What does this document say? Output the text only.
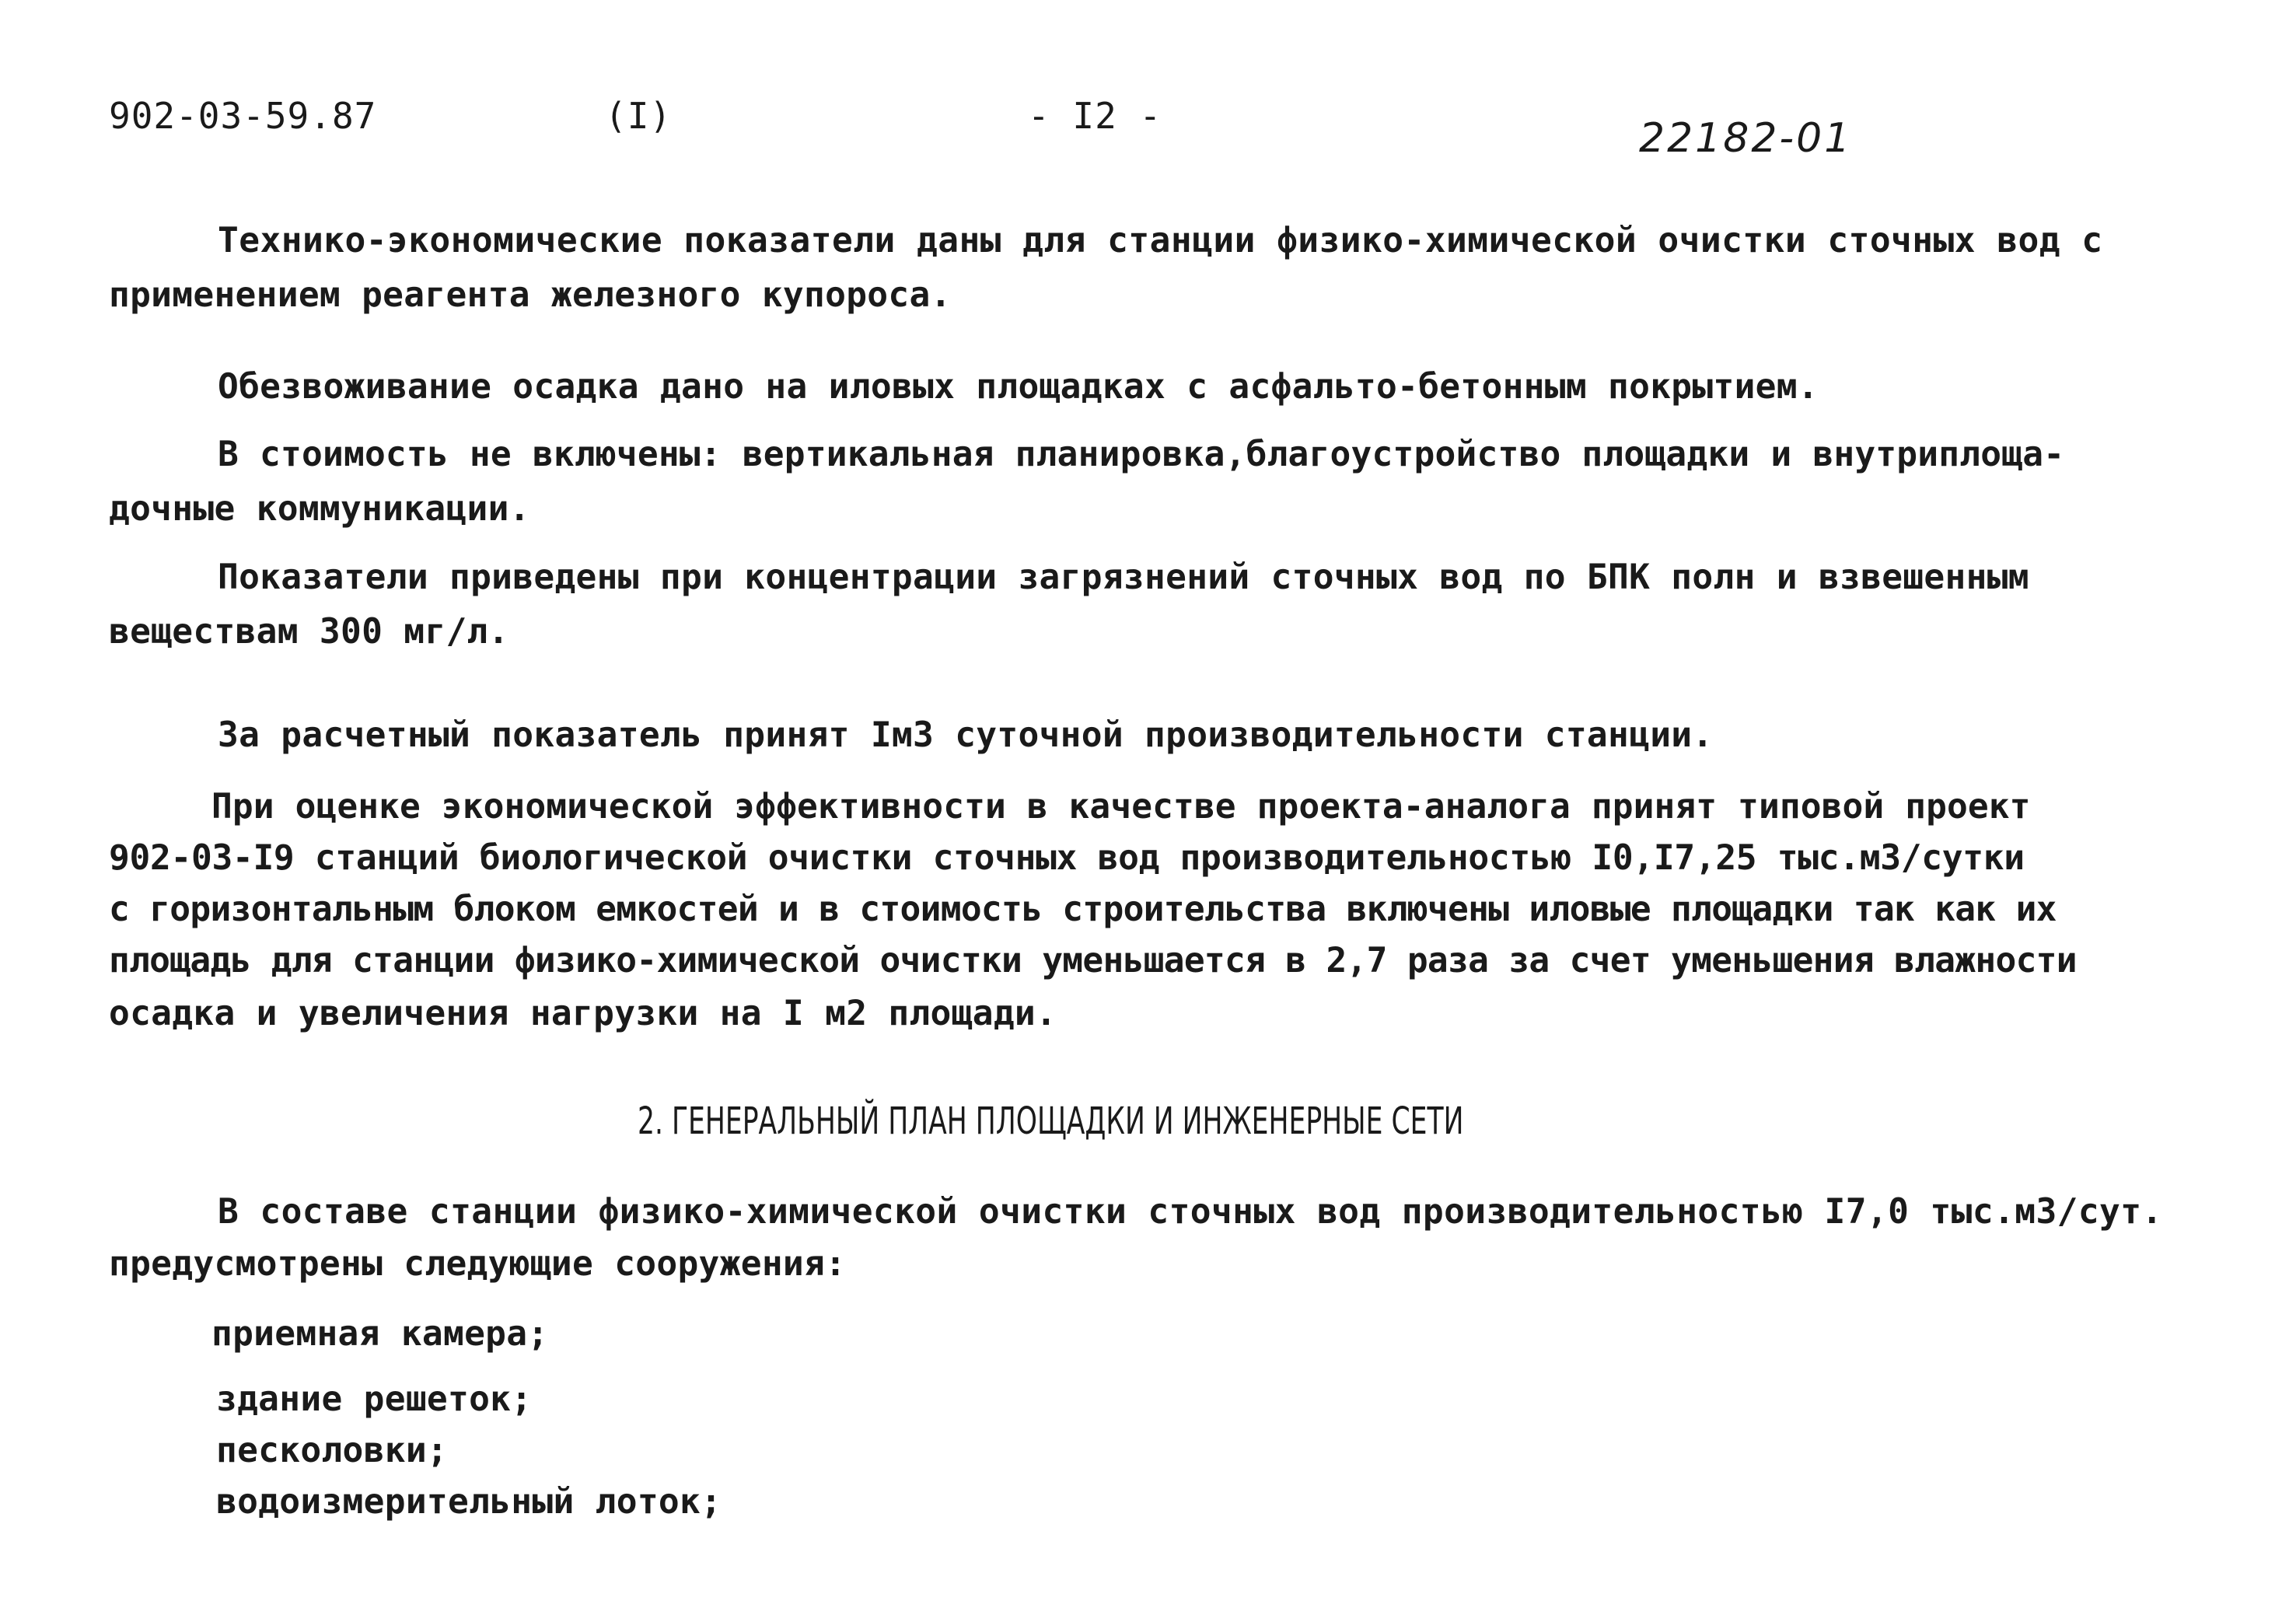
902-03-59.87	(I)	- I2 -	22182-01
Технико-экономические показатели даны для станции физико-химической очистки сточных вод с
применением реагента железного купороса.
Обезвоживание осадка дано на иловых площадках с асфальто-бетонным покрытием.
В стоимость не включены: вертикальная планировка,благоустройство площадки и внутриплоща-
дочные коммуникации.
Показатели приведены при концентрации загрязнений сточных вод по БПК полн и взвешенным
веществам 300 мг/л.
За расчетный показатель принят Iм3 суточной производительности станции.
При оценке экономической эффективности в качестве проекта-аналога принят типовой проект
902-03-I9 станций биологической очистки сточных вод производительностью I0,I7,25 тыс.м3/сутки
с горизонтальным блоком емкостей и в стоимость строительства включены иловые площадки так как их
площадь для станции физико-химической очистки уменьшается в 2,7 раза за счет уменьшения влажности
осадка и увеличения нагрузки на I м2 площади.
2. ГЕНЕРАЛЬНЫЙ ПЛАН ПЛОЩАДКИ И ИНЖЕНЕРНЫЕ СЕТИ
В составе станции физико-химической очистки сточных вод производительностью I7,0 тыс.м3/сут.
предусмотрены следующие сооружения:
приемная камера;
здание решеток;
песколовки;
водоизмерительный лоток;
